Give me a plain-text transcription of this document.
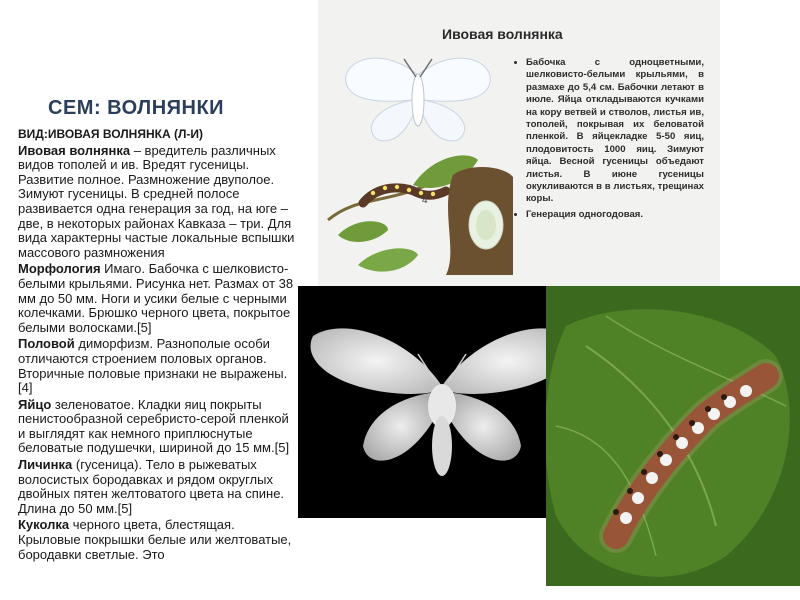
СЕМ: ВОЛНЯНКИ

ВИД:ИВОВАЯ ВОЛНЯНКА (Л-И)

Ивовая волнянка – вредитель различных видов тополей и ив. Вредят гусеницы. Развитие полное. Размножение двуполое. Зимуют гусеницы. В средней полосе развивается одна генерация за год, на юге – две, в некоторых районах Кавказа – три. Для вида характерны частые локальные вспышки массового размножения

Морфология Имаго. Бабочка с шелковисто-белыми крыльями. Рисунка нет. Размах от 38 мм до 50 мм. Ноги и усики белые с черными колечками. Брюшко черного цвета, покрытое белыми волосками.[5]

Половой диморфизм. Разнополые особи отличаются строением половых органов. Вторичные половые признаки не выражены.[4]

Яйцо зеленоватое. Кладки яиц покрыты пенистообразной серебристо-серой пленкой и выглядят как немного приплюснутые беловатые подушечки, шириной до 15 мм.[5]

Личинка (гусеница). Тело в рыжеватых волосистых бородавках и рядом округлых двойных пятен желтоватого цвета на спине. Длина до 50 мм.[5]

Куколка черного цвета, блестящая. Крыловые покрышки белые или желтоватые, бородавки светлые. Это

Ивовая волнянка
4
• Бабочка с одноцветными, шелковисто-белыми крыльями, в размахе до 5,4 см. Бабочки летают в июле. Яйца откладываются кучками на кору ветвей и стволов, листья ив, тополей, покрывая их беловатой пленкой. В яйцекладке 5-50 яиц, плодовитость 1000 яиц. Зимуют яйца. Весной гусеницы объедают листья. В июне гусеницы окукливаются в в листьях, трещинах коры.
• Генерация одногодовая.
